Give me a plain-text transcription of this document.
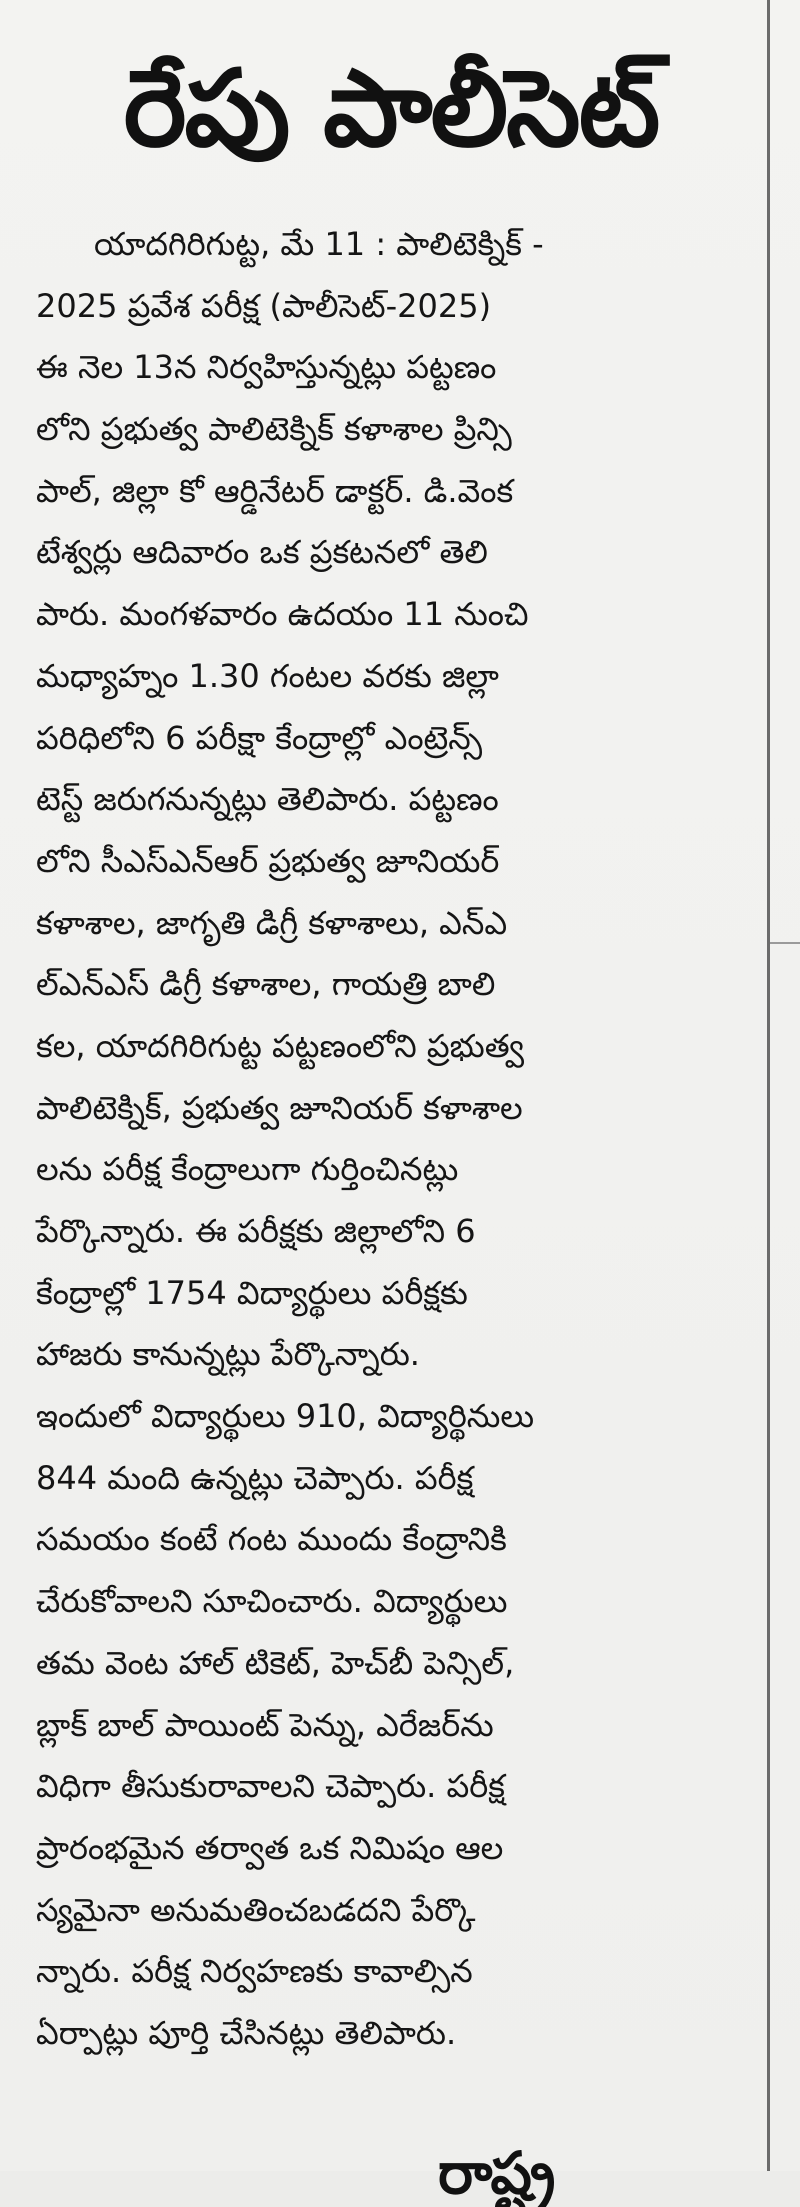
రేపు పాలీసెట్
యాదగిరిగుట్ట, మే 11 : పాలిటెక్నిక్ -
2025 ప్రవేశ పరీక్ష (పాలీసెట్-2025)
ఈ నెల 13న నిర్వహిస్తున్నట్లు పట్టణం
లోని ప్రభుత్వ పాలిటెక్నిక్ కళాశాల ప్రిన్సి
పాల్, జిల్లా కో ఆర్డినేటర్ డాక్టర్. డి.వెంక
టేశ్వర్లు ఆదివారం ఒక ప్రకటనలో తెలి
పారు. మంగళవారం ఉదయం 11 నుంచి
మధ్యాహ్నం 1.30 గంటల వరకు జిల్లా
పరిధిలోని 6 పరీక్షా కేంద్రాల్లో ఎంట్రెన్స్
టెస్ట్ జరుగనున్నట్లు తెలిపారు. పట్టణం
లోని సీఎస్ఎన్ఆర్ ప్రభుత్వ జూనియర్
కళాశాల, జాగృతి డిగ్రీ కళాశాలు, ఎన్ఎ
ల్ఎన్ఎస్ డిగ్రీ కళాశాల, గాయత్రి బాలి
కల, యాదగిరిగుట్ట పట్టణంలోని ప్రభుత్వ
పాలిటెక్నిక్, ప్రభుత్వ జూనియర్ కళాశాల
లను పరీక్ష కేంద్రాలుగా గుర్తించినట్లు
పేర్కొన్నారు. ఈ పరీక్షకు జిల్లాలోని 6
కేంద్రాల్లో 1754 విద్యార్థులు పరీక్షకు
హాజరు కానున్నట్లు పేర్కొన్నారు.
ఇందులో విద్యార్థులు 910, విద్యార్థినులు
844 మంది ఉన్నట్లు చెప్పారు. పరీక్ష
సమయం కంటే గంట ముందు కేంద్రానికి
చేరుకోవాలని సూచించారు. విద్యార్థులు
తమ వెంట హాల్ టికెట్, హెచ్‌బీ పెన్సిల్,
బ్లాక్ బాల్ పాయింట్ పెన్ను, ఎరేజర్‌ను
విధిగా తీసుకురావాలని చెప్పారు. పరీక్ష
ప్రారంభమైన తర్వాత ఒక నిమిషం ఆల
స్యమైనా అనుమతించబడదని పేర్కొ
న్నారు. పరీక్ష నిర్వహణకు కావాల్సిన
ఏర్పాట్లు పూర్తి చేసినట్లు తెలిపారు.
రాష్ట్ర
